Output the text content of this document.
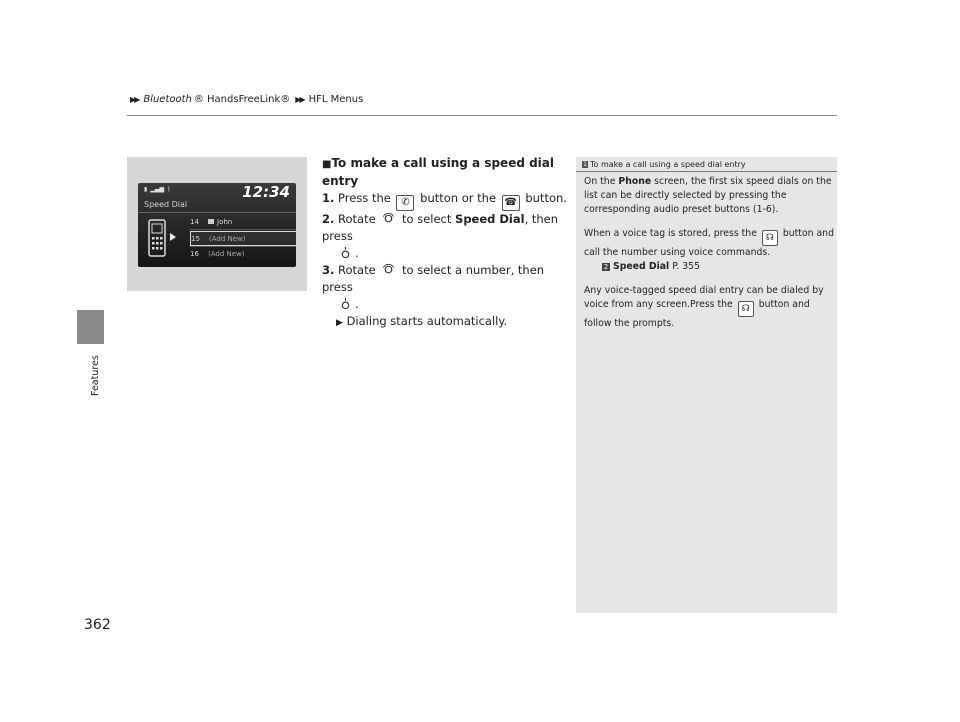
▶▶ Bluetooth ® HandsFreeLink® ▶▶ HFL Menus
Features
362
▮ ▂▄▆ ᛒ	12:34
Speed Dial
14	John
15	(Add New)
16	(Add New)
■To make a call using a speed dial entry
1. Press the ✆ button or the ☎ button.
2. Rotate to select Speed Dial, then press
.
3. Rotate to select a number, then press
.
▶ Dialing starts automatically.
1 To make a call using a speed dial entry

On the Phone screen, the first six speed dials on the list can be directly selected by pressing the corresponding audio preset buttons (1-6).

When a voice tag is stored, press the ☊ button and call the number using voice commands.
2 Speed Dial P. 355

Any voice-tagged speed dial entry can be dialed by voice from any screen.Press the ☊ button and follow the prompts.
